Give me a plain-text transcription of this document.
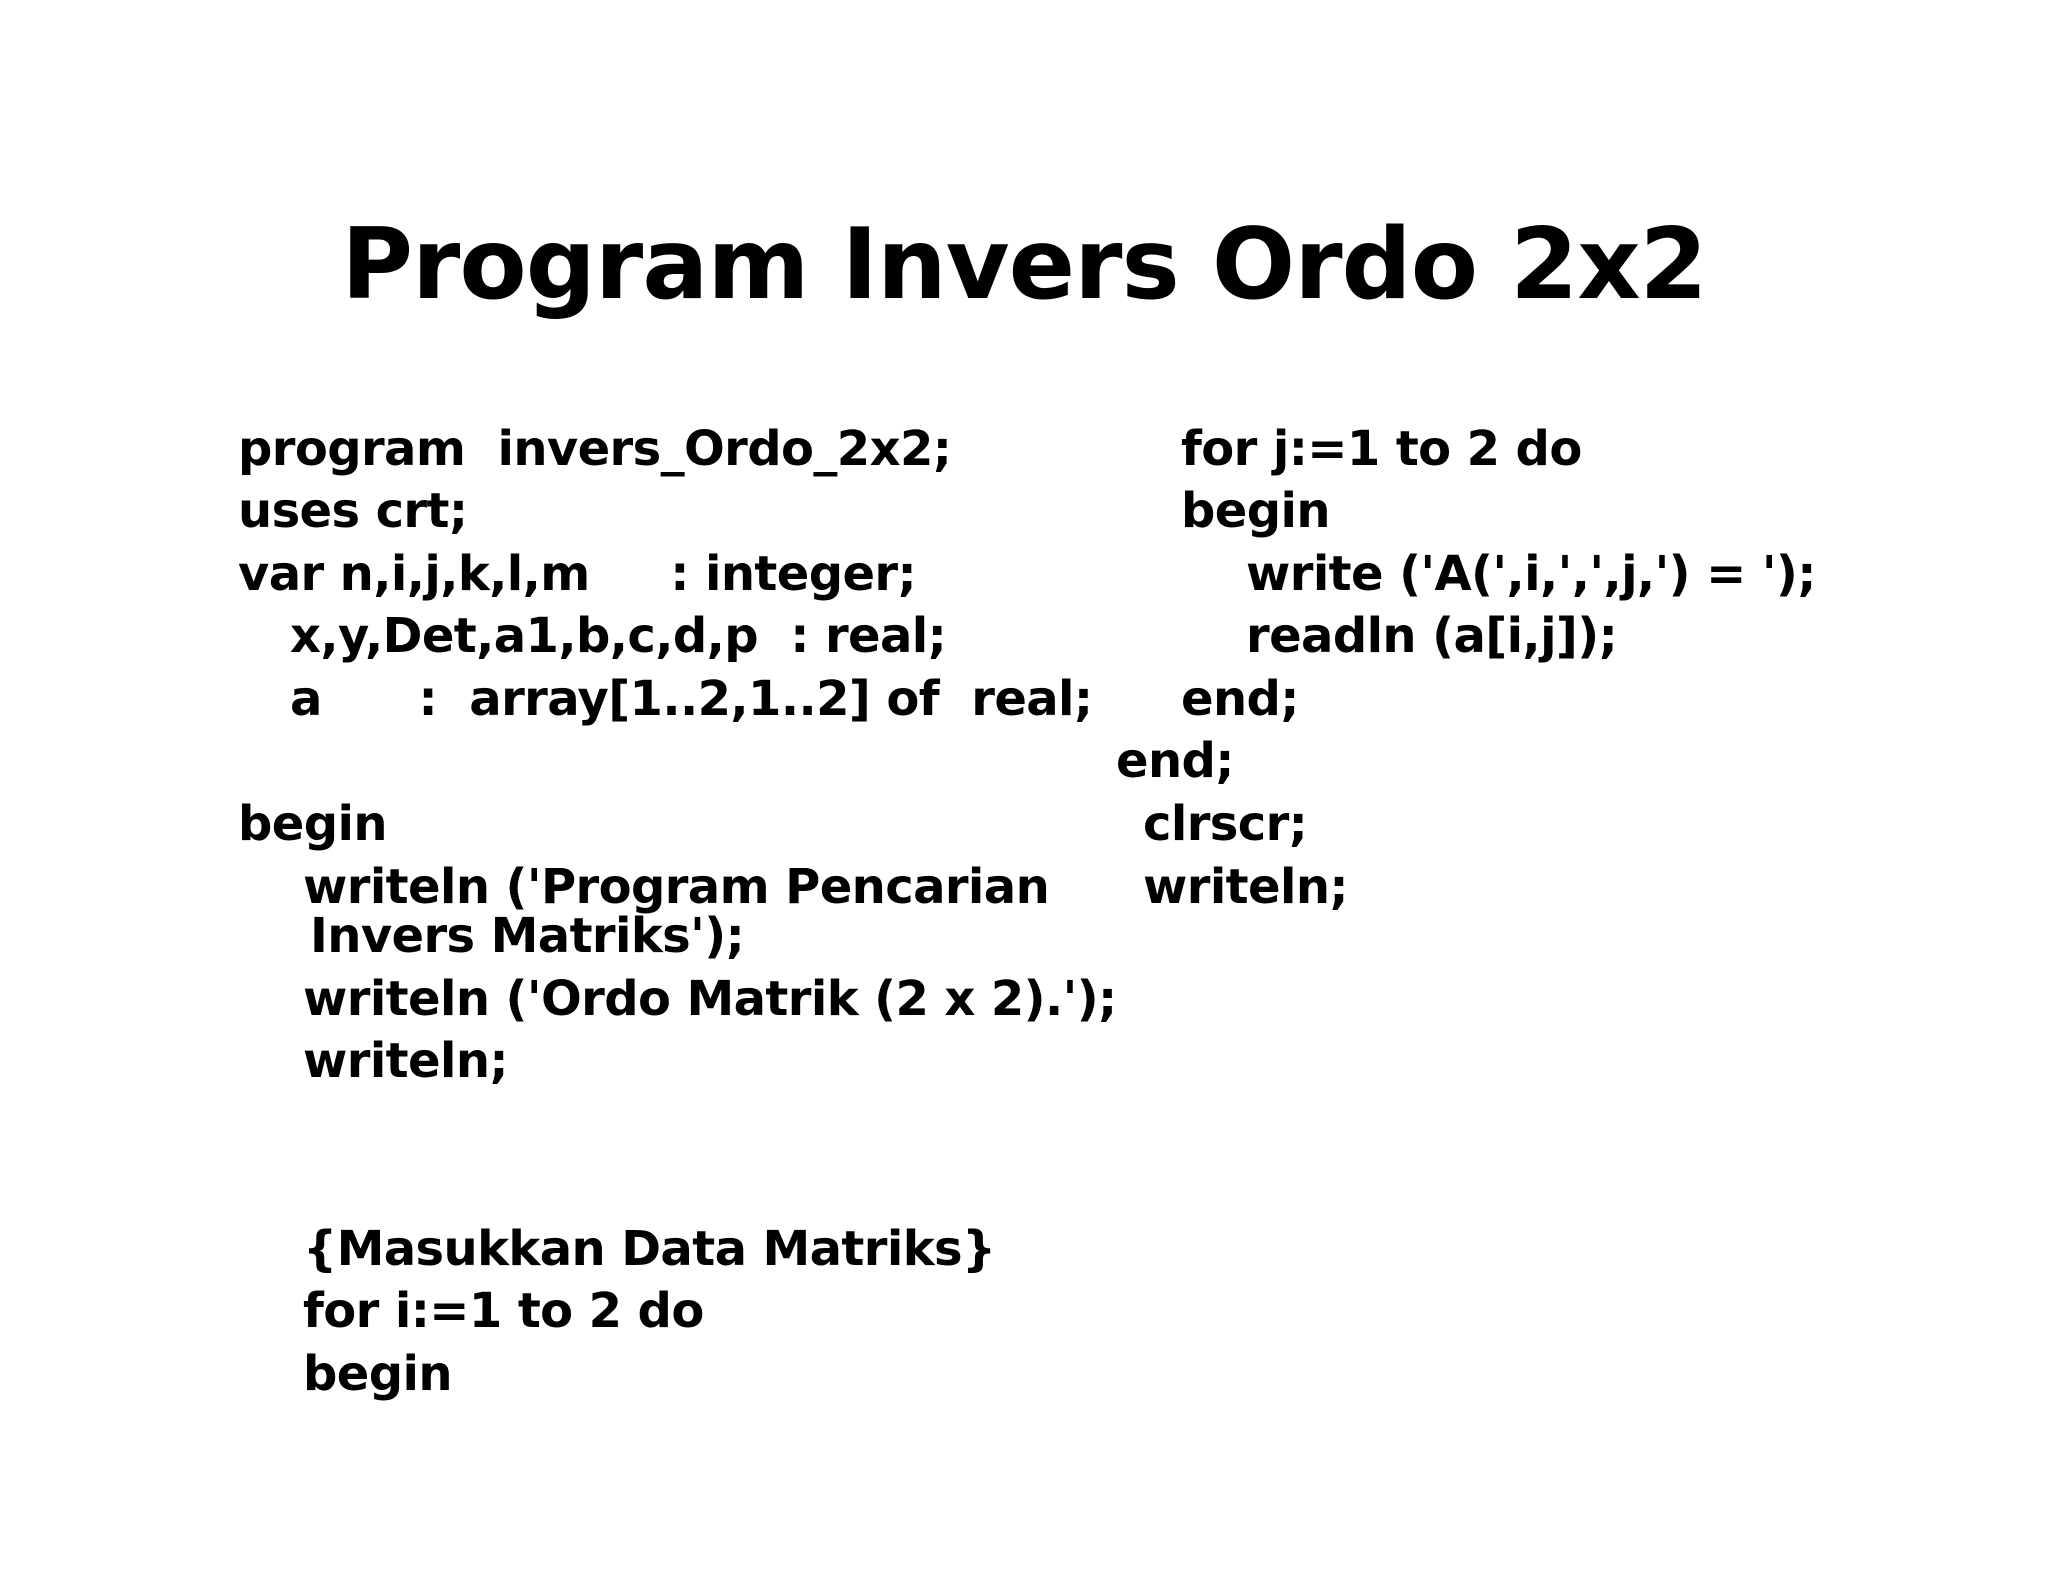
Program Invers Ordo 2x2

program  invers_Ordo_2x2;

uses crt;

var n,i,j,k,l,m     : integer;

x,y,Det,a1,b,c,d,p  : real;

a      :  array[1..2,1..2] of  real;

begin

writeln ('Program Pencarian

Invers Matriks');

writeln ('Ordo Matrik (2 x 2).');

writeln;

{Masukkan Data Matriks}

for i:=1 to 2 do

begin

for j:=1 to 2 do

begin

write ('A(',i,',',j,') = ');

readln (a[i,j]);

end;

end;

clrscr;

writeln;
